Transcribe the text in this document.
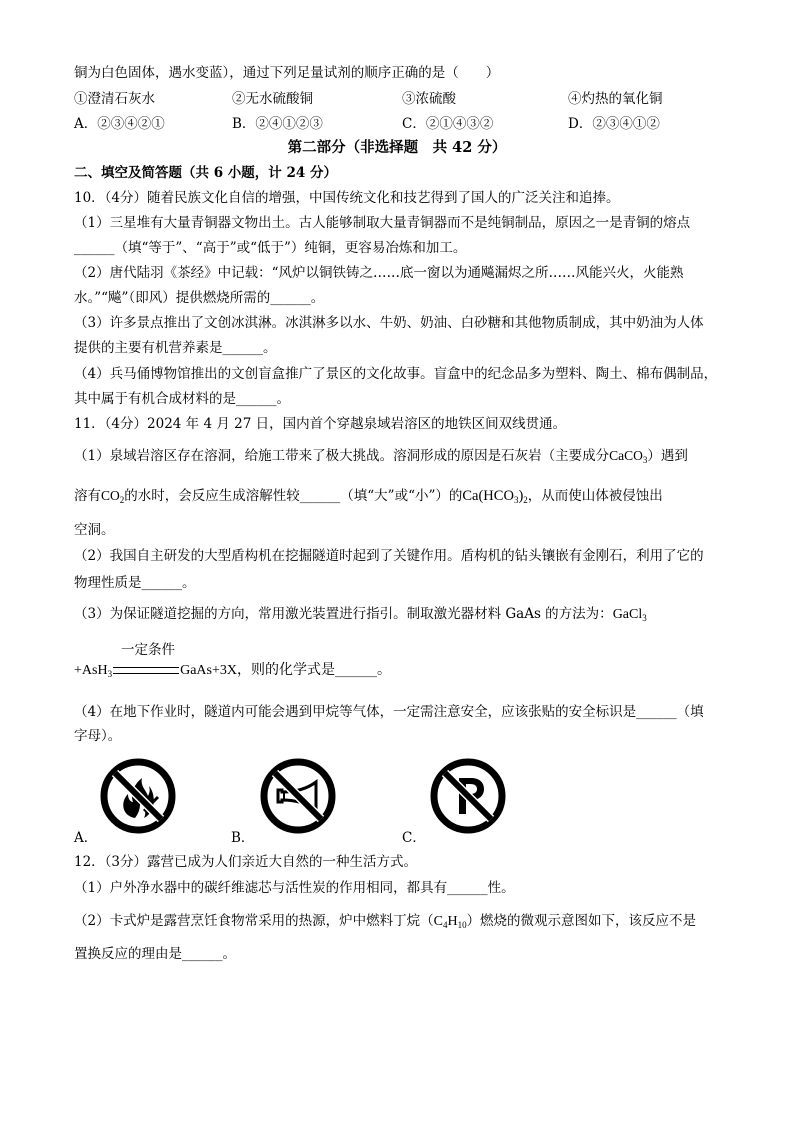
铜为白色固体，遇水变蓝），通过下列足量试剂的顺序正确的是（　　）
①澄清石灰水	②无水硫酸铜	③浓硫酸	④灼热的氧化铜
A．②③④②①	B．②④①②③	C．②①④③②	D．②③④①②
第二部分（非选择题　共 42 分）
二、填空及简答题（共 6 小题，计 24 分）
10．（4分）随着民族文化自信的增强，中国传统文化和技艺得到了国人的广泛关注和追捧。
（1）三星堆有大量青铜器文物出土。古人能够制取大量青铜器而不是纯铜制品，原因之一是青铜的熔点
______（填“等于”、“高于”或“低于”）纯铜，更容易冶炼和加工。
（2）唐代陆羽《茶经》中记载：“风炉以铜铁铸之……底一窗以为通飚漏烬之所……风能兴火，火能熟
水。”“飚”（即风）提供燃烧所需的______。
（3）许多景点推出了文创冰淇淋。冰淇淋多以水、牛奶、奶油、白砂糖和其他物质制成，其中奶油为人体
提供的主要有机营养素是______。
（4）兵马俑博物馆推出的文创盲盒推广了景区的文化故事。盲盒中的纪念品多为塑料、陶土、棉布偶制品，
其中属于有机合成材料的是______。
11．（4分）2024 年 4 月 27 日，国内首个穿越泉域岩溶区的地铁区间双线贯通。
（1）泉域岩溶区存在溶洞，给施工带来了极大挑战。溶洞形成的原因是石灰岩（主要成分CaCO$_3$）遇到
溶有$CO_2$的水时，会反应生成溶解性较______（填“大”或“小”）的$Ca(HCO_3)_2$，从而使山体被侵蚀出
空洞。
（2）我国自主研发的大型盾构机在挖掘隧道时起到了关键作用。盾构机的钻头镶嵌有金刚石，利用了它的
物理性质是______。
（3）为保证隧道挖掘的方向，常用激光装置进行指引。制取激光器材料 GaAs 的方法为：GaCl$_3$
一定条件
+AsH$_3$	GaAs+3X，则的化学式是______。
（4）在地下作业时，隧道内可能会遇到甲烷等气体，一定需注意安全，应该张贴的安全标识是______（填
字母）。
A．	B．	C．
12．（3分）露营已成为人们亲近大自然的一种生活方式。
（1）户外净水器中的碳纤维滤芯与活性炭的作用相同，都具有______性。
（2）卡式炉是露营烹饪食物常采用的热源，炉中燃料丁烷$(C_4H_{10})$燃烧的微观示意图如下，该反应不是
置换反应的理由是______。
